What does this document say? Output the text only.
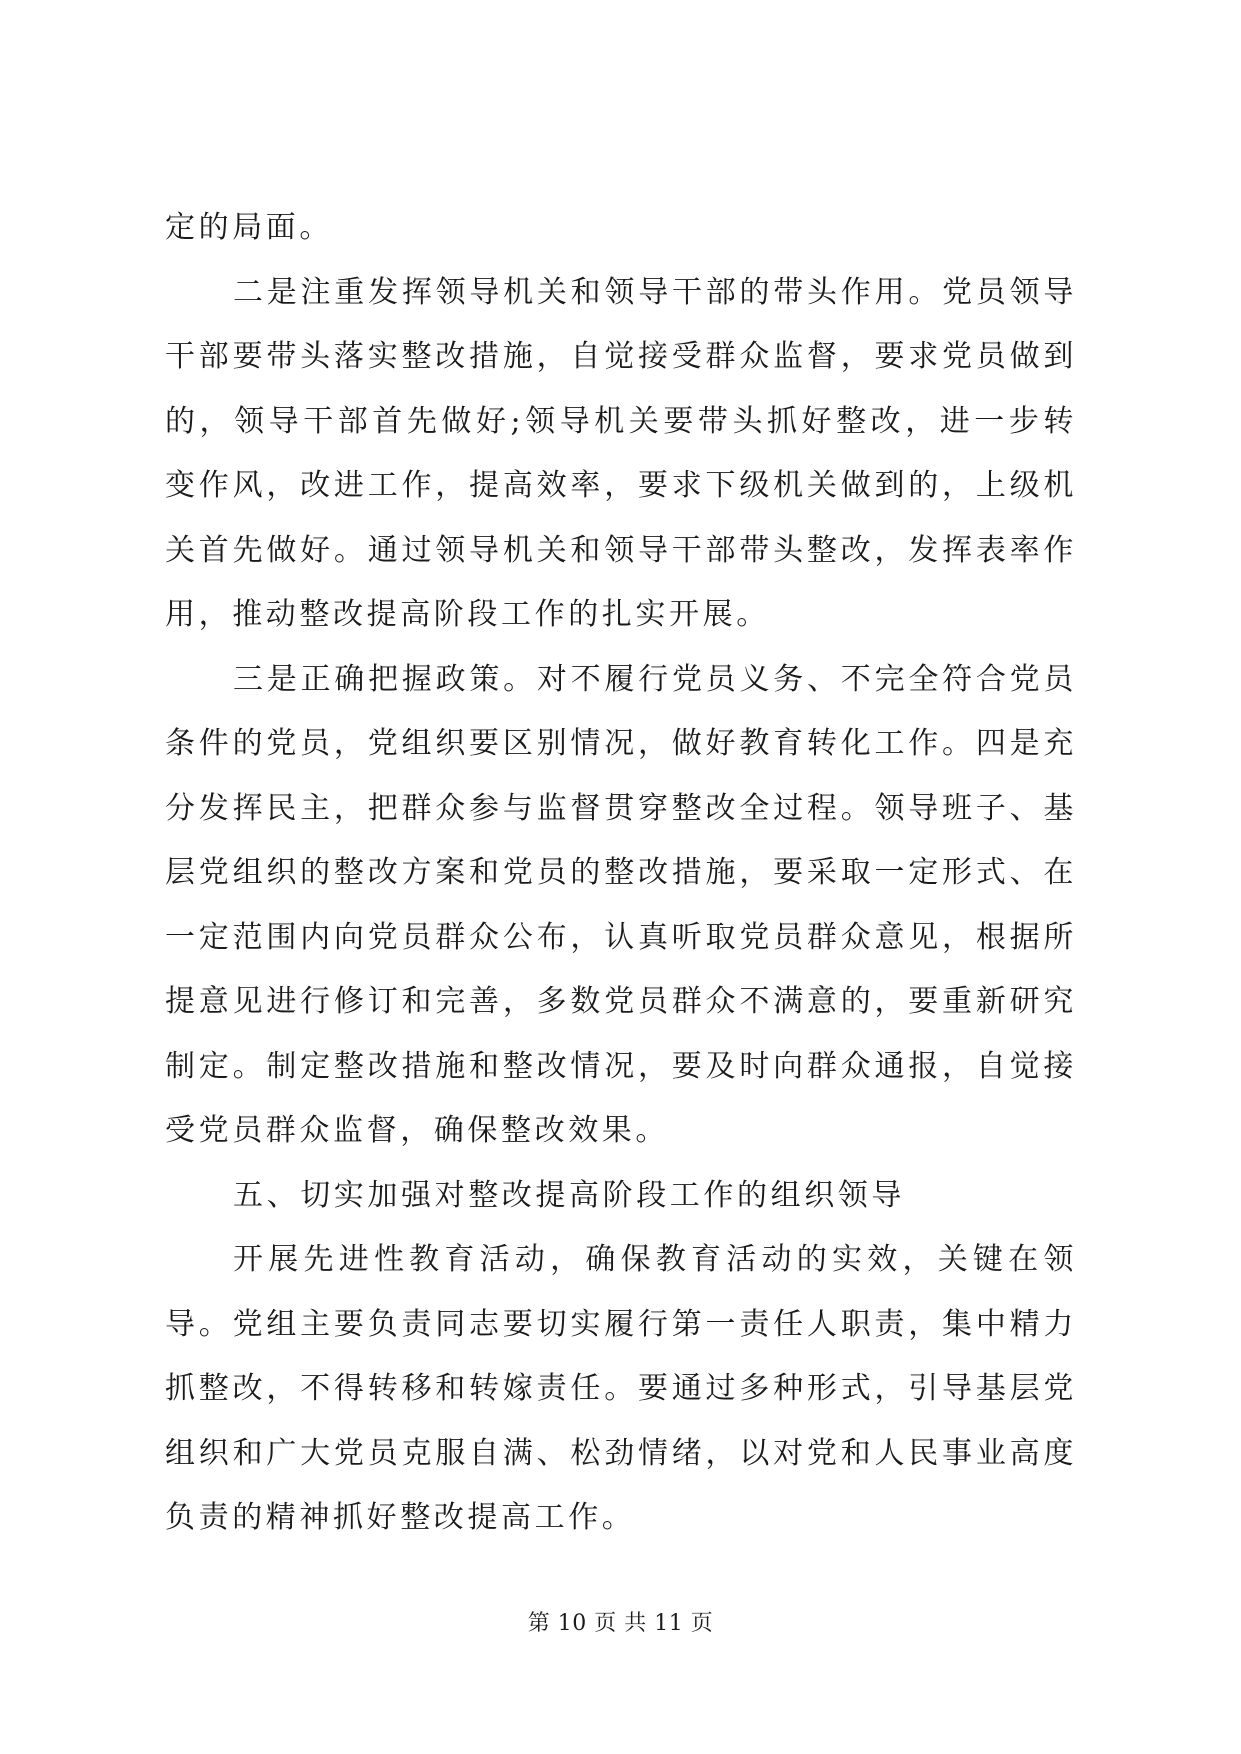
定的局面。

二是注重发挥领导机关和领导干部的带头作用。党员领导干部要带头落实整改措施，自觉接受群众监督，要求党员做到的，领导干部首先做好;领导机关要带头抓好整改，进一步转变作风，改进工作，提高效率，要求下级机关做到的，上级机关首先做好。通过领导机关和领导干部带头整改，发挥表率作用，推动整改提高阶段工作的扎实开展。

三是正确把握政策。对不履行党员义务、不完全符合党员条件的党员，党组织要区别情况，做好教育转化工作。四是充分发挥民主，把群众参与监督贯穿整改全过程。领导班子、基层党组织的整改方案和党员的整改措施，要采取一定形式、在一定范围内向党员群众公布，认真听取党员群众意见，根据所提意见进行修订和完善，多数党员群众不满意的，要重新研究制定。制定整改措施和整改情况，要及时向群众通报，自觉接受党员群众监督，确保整改效果。

五、切实加强对整改提高阶段工作的组织领导

开展先进性教育活动，确保教育活动的实效，关键在领导。党组主要负责同志要切实履行第一责任人职责，集中精力抓整改，不得转移和转嫁责任。要通过多种形式，引导基层党组织和广大党员克服自满、松劲情绪，以对党和人民事业高度负责的精神抓好整改提高工作。

第 10 页 共 11 页
